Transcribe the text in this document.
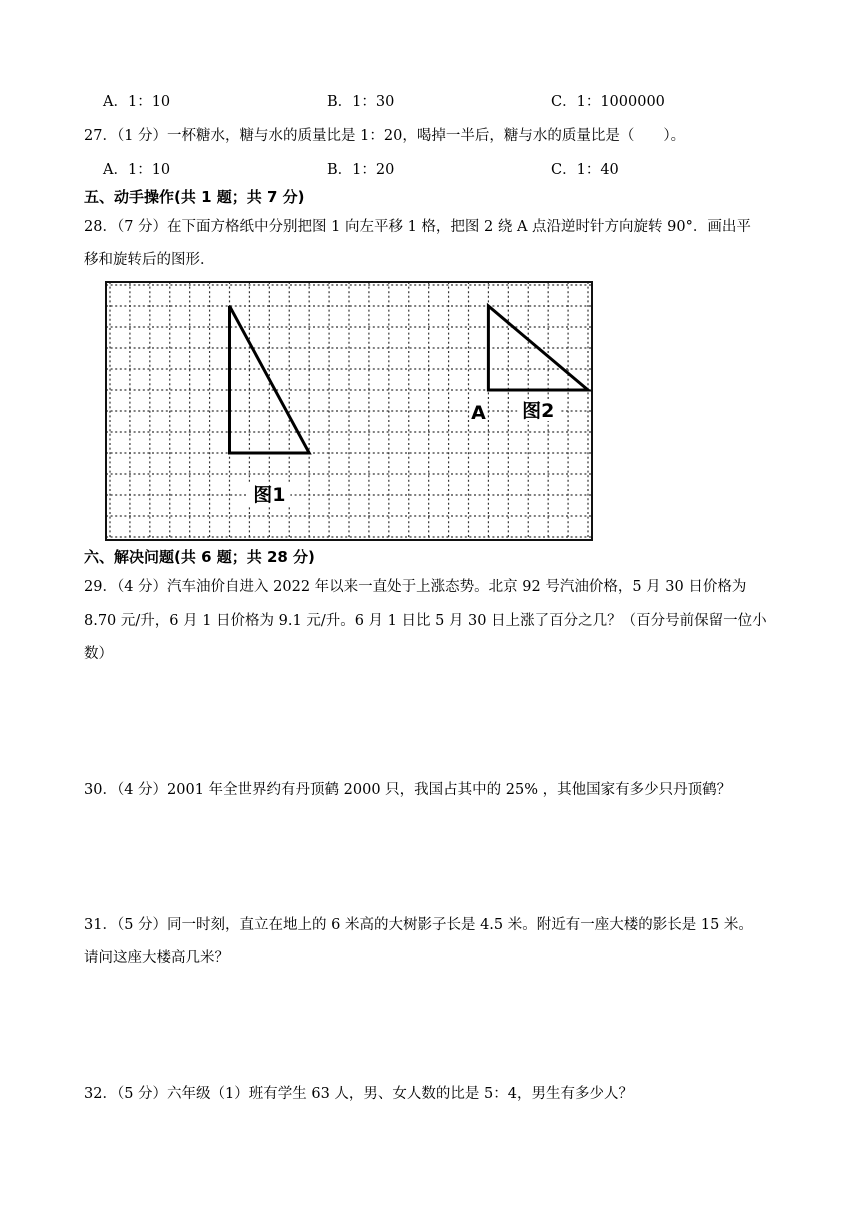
A．1：10	B．1：30	C．1：1000000
27．（1 分）一杯糖水，糖与水的质量比是 1：20，喝掉一半后，糖与水的质量比是（　　）。
A．1：10	B．1：20	C．1：40
五、动手操作(共 1 题；共 7 分)
28．（7 分）在下面方格纸中分别把图 1 向左平移 1 格，把图 2 绕 A 点沿逆时针方向旋转 90°．画出平
移和旋转后的图形．
图1
图2
A
六、解决问题(共 6 题；共 28 分)
29．（4 分）汽车油价自进入 2022 年以来一直处于上涨态势。北京 92 号汽油价格，5 月 30 日价格为
8.70 元/升，6 月 1 日价格为 9.1 元/升。6 月 1 日比 5 月 30 日上涨了百分之几？（百分号前保留一位小
数）
30．（4 分）2001 年全世界约有丹顶鹤 2000 只，我国占其中的 25% ，其他国家有多少只丹顶鹤？
31．（5 分）同一时刻，直立在地上的 6 米高的大树影子长是 4.5 米。附近有一座大楼的影长是 15 米。
请问这座大楼高几米？
32．（5 分）六年级（1）班有学生 63 人，男、女人数的比是 5：4，男生有多少人？
